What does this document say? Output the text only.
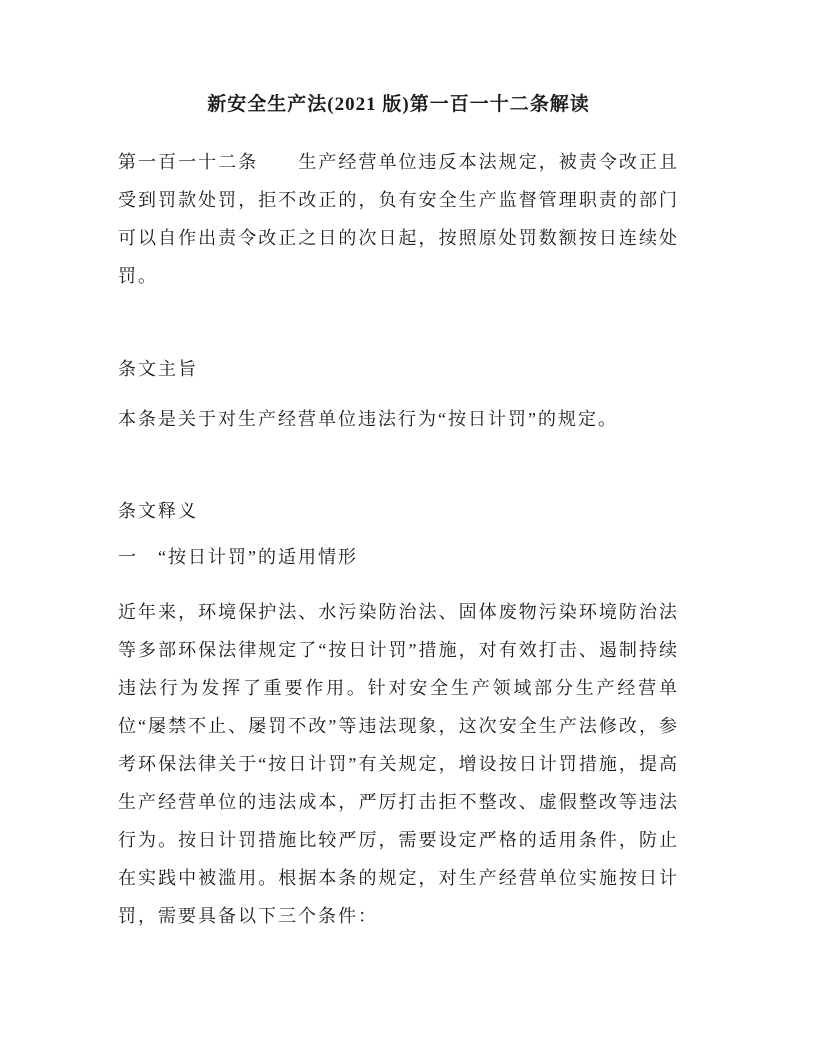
新安全生产法(2021 版)第一百一十二条解读

第一百一十二条　　生产经营单位违反本法规定，被责令改正且受到罚款处罚，拒不改正的，负有安全生产监督管理职责的部门可以自作出责令改正之日的次日起，按照原处罚数额按日连续处罚。

条文主旨

本条是关于对生产经营单位违法行为“按日计罚”的规定。

条文释义

一　“按日计罚”的适用情形

近年来，环境保护法、水污染防治法、固体废物污染环境防治法等多部环保法律规定了“按日计罚”措施，对有效打击、遏制持续违法行为发挥了重要作用。针对安全生产领域部分生产经营单位“屡禁不止、屡罚不改”等违法现象，这次安全生产法修改，参考环保法律关于“按日计罚”有关规定，增设按日计罚措施，提高生产经营单位的违法成本，严厉打击拒不整改、虚假整改等违法行为。按日计罚措施比较严厉，需要设定严格的适用条件，防止在实践中被滥用。根据本条的规定，对生产经营单位实施按日计罚，需要具备以下三个条件：
